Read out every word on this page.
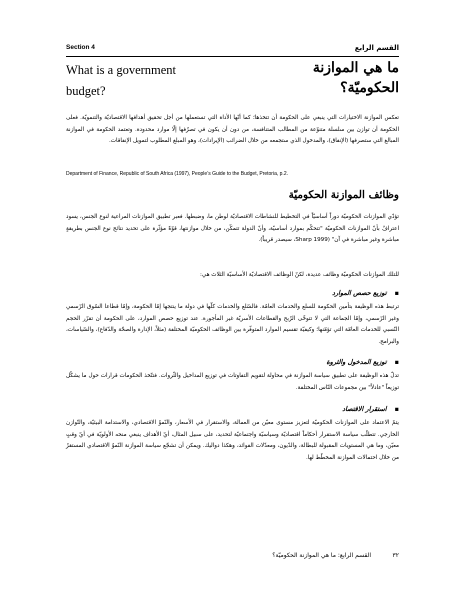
Section 4	القسم الرابع
What is a government
budget?
ما هي الموازنة
الحكوميّة؟

تعكس الموازنة الاختيارات التي ينبغي على الحكومة أن تتخذها؛ كما أنّها الأداة التي تستعملها من أجل تحقيق أهدافها الاقتصاديّة والتنمويّة. فعلى الحكومة أن توازن بين سلسلة متنوّعة من المطالب المتنافسة، من دون أن يكون في تصرّفها إلّا موارد محدودة. وتعتمد الحكومة في الموازنة المبالغ التي ستصرفها (الإنفاق)، والمدخول الذي ستجمعه من خلال الضرائب (الإيرادات)، وهو المبلغ المطلوب لتمويل الإنفاقات.

Department of Finance, Republic of South Africa (1997), People’s Guide to the Budget, Pretoria, p.2.

وظائف الموازنة الحكوميّة

تؤدّي الموازنات الحكوميّة دوراً أساسيّاً في التخطيط للنشاطات الاقتصاديّة لوطن ما، وضبطها. فعبر تطبيق الموازنات المراعية لنوع الجنس، يسود اعترافٌ بأنّ الموازنات الحكوميّة "تتحكّم بموارد أساسيّة، وأنّ الدولة تتمكّن، من خلال موازنتها، قوّةً مؤثّرة على تحديد نتائج نوع الجنس بطريقةٍ مباشرة وغير مباشرة في آن" (Sharp 1999، سيصدر قريباً).

للتلك الموازنات الحكوميّة وظائف عديدة، لكنّ الوظائف الاقتصاديّة الأساسيّة الثلاث هي:

▪توزيع حصص الموارد

ترتبط هذه الوظيفة بتأمين الحكومة للسلع والخدمات العامّة. فالسّلع والخدمات كلّها في دولة ما ينتجها إمّا الحكومة، وإمّا قطاعا السّوق الرّسمي وغير الرّسمي، وإمّا الجماعة التي لا تتوخّى الرّبح والقطاعات الأسريّة غير المأجورة. عند توزيع حصص الموارد، على الحكومة أن تقرّر الحجم النّسبي للخدمات العامّة التي تؤمّنها؛ وكيفيّة تقسيم الموارد المتوفّرة بين الوظائف الحكوميّة المختلفة (مثلاً، الإدارة والصحّة والدّفاع)، والسّياسات، والبرامج.

▪توزيع المدخول والثروة

تدلّ هذه الوظيفة على تطبيق سياسة الموازنة في محاولة لتقويم التفاوتات في توزيع المداخيل والثّروات. فتتّخذ الحكومات قرارات حول ما يشكّل توزيعاً "عادلاً" بين مجموعات النّاس المختلفة.

▪استقرار الاقتصاد

يتمّ الاعتماد على الموازنات الحكوميّة لتعزيز مستوى معيّن من العمالة، والاستقرار في الأسعار، والنّموّ الاقتصادي، والاستدامة البيئيّة، والتّوازن الخارجي. تتطلّب سياسة الاستقرار أحكاماً اقتصاديّة وسياسيّة واجتماعيّة لتحديد، على سبيل المثال، أيّ الأهداف ينبغي منحه الأولويّة في أيّ وقتٍ معيّن، وما هي المستويات المقبولة للبطالة، والدّيون، ومعدّلات الفوائد، وهكذا دواليك. ويمكن أن تشجّع سياسة الموازنة النّموّ الاقتصادي المستقرّ من خلال احتمالات الموازنة المخطّط لها.

القسم الرابع: ما هي الموازنة الحكوميّة؟	٣٢
